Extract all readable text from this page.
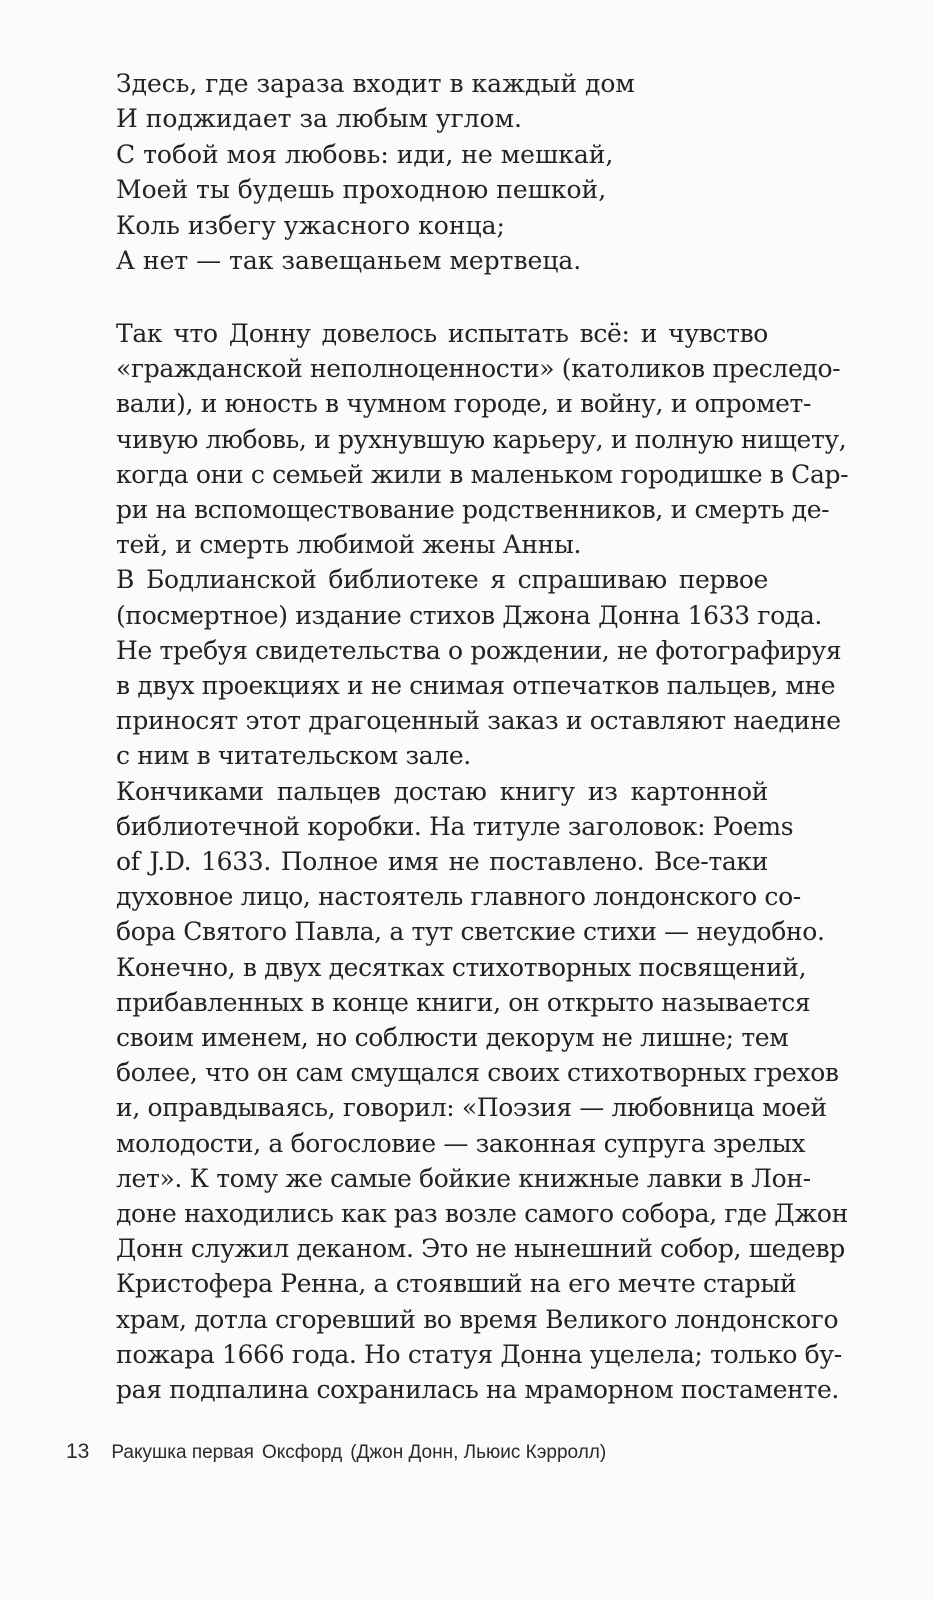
Здесь, где зараза входит в каждый дом

И поджидает за любым углом.

С тобой моя любовь: иди, не мешкай,

Моей ты будешь проходною пешкой,

Коль избегу ужасного конца;

А нет — так завещаньем мертвеца.

Так что Донну довелось испытать всё: и чувство
«гражданской неполноценности» (католиков преследо-
вали), и юность в чумном городе, и войну, и опромет-
чивую любовь, и рухнувшую карьеру, и полную нищету,
когда они с семьей жили в маленьком городишке в Сар-
ри на вспомоществование родственников, и смерть де-
тей, и смерть любимой жены Анны.

В Бодлианской библиотеке я спрашиваю первое
(посмертное) издание стихов Джона Донна 1633 года.
Не требуя свидетельства о рождении, не фотографируя
в двух проекциях и не снимая отпечатков пальцев, мне
приносят этот драгоценный заказ и оставляют наедине
с ним в читательском зале.

Кончиками пальцев достаю книгу из картонной
библиотечной коробки. На титуле заголовок: Poems
of J.D. 1633. Полное имя не поставлено. Все-таки
духовное лицо, настоятель главного лондонского со-
бора Святого Павла, а тут светские стихи — неудобно.
Конечно, в двух десятках стихотворных посвящений,
прибавленных в конце книги, он открыто называется
своим именем, но соблюсти декорум не лишне; тем
более, что он сам смущался своих стихотворных грехов
и, оправдываясь, говорил: «Поэзия — любовница моей
молодости, а богословие — законная супруга зрелых
лет». К тому же самые бойкие книжные лавки в Лон-
доне находились как раз возле самого собора, где Джон
Донн служил деканом. Это не нынешний собор, шедевр
Кристофера Ренна, а стоявший на его мечте старый
храм, дотла сгоревший во время Великого лондонского
пожара 1666 года. Но статуя Донна уцелела; только бу-
рая подпалина сохранилась на мраморном постаменте.

13 Ракушка первая Оксфорд (Джон Донн, Льюис Кэрролл)
